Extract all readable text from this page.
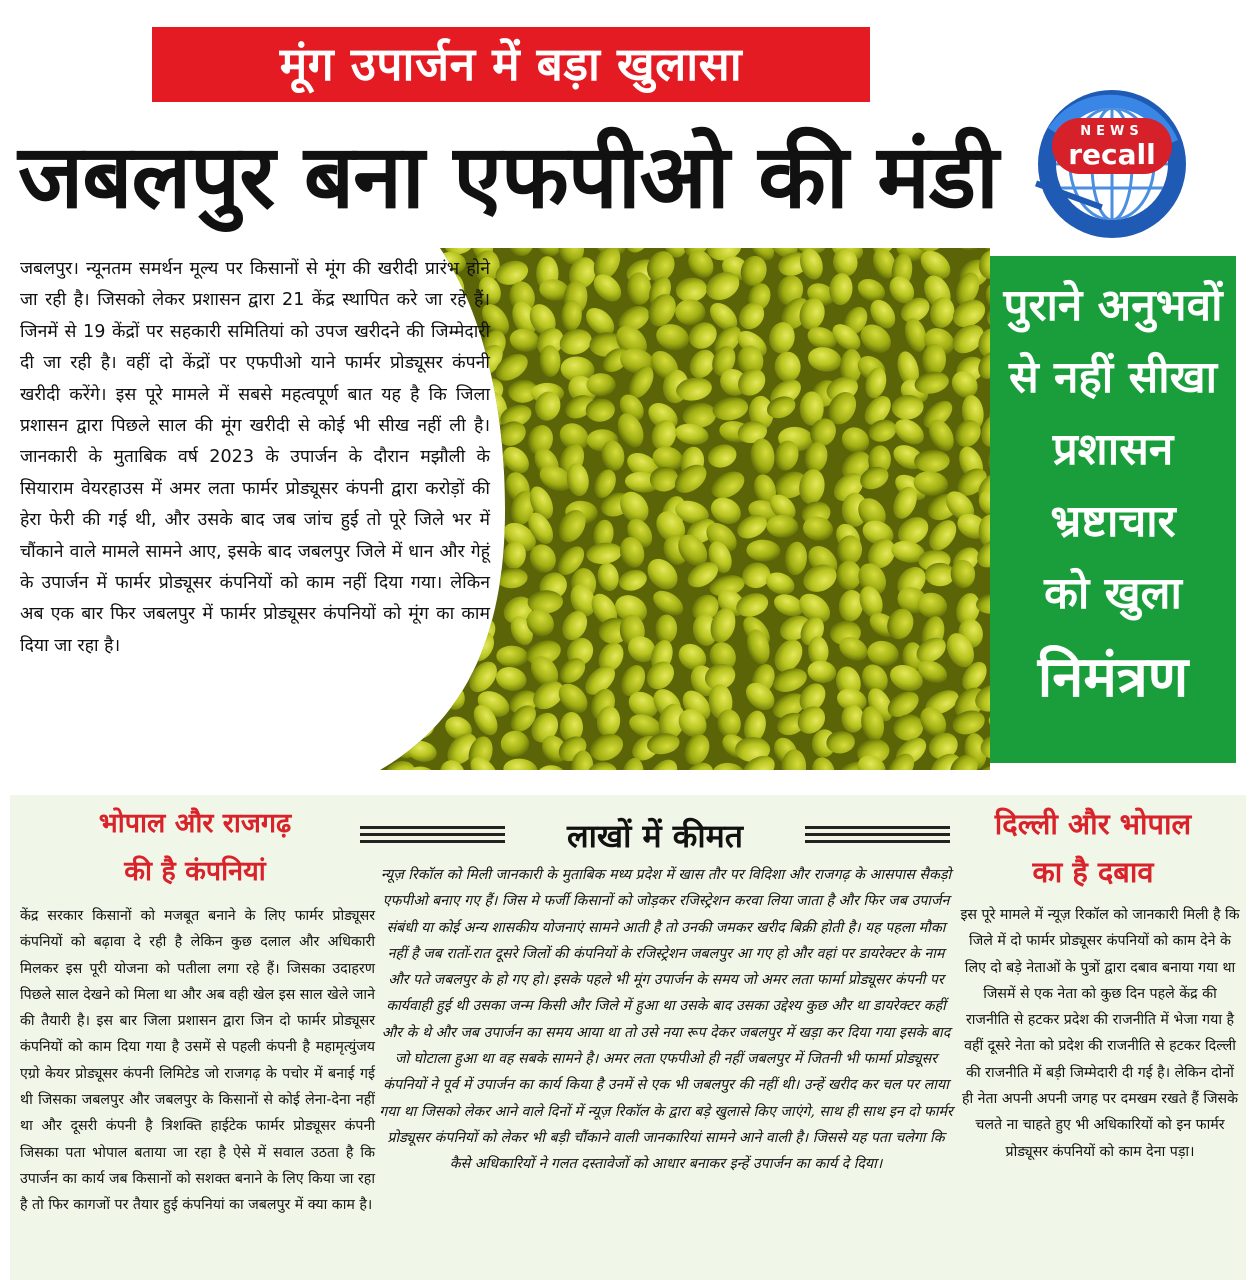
मूंग उपार्जन में बड़ा खुलासा
जबलपुर बना एफपीओ की मंडी	NEWS
recall
जबलपुर। न्यूनतम समर्थन मूल्य पर किसानों से मूंग की खरीदी प्रारंभ होने जा रही है। जिसको लेकर प्रशासन द्वारा 21 केंद्र स्थापित करे जा रहे हैं। जिनमें से 19 केंद्रों पर सहकारी समितियां को उपज खरीदने की जिम्मेदारी दी जा रही है। वहीं दो केंद्रों पर एफपीओ याने फार्मर प्रोड्यूसर कंपनी खरीदी करेंगे। इस पूरे मामले में सबसे महत्वपूर्ण बात यह है कि जिला प्रशासन द्वारा पिछले साल की मूंग खरीदी से कोई भी सीख नहीं ली है। जानकारी के मुताबिक वर्ष 2023 के उपार्जन के दौरान मझौली के सियाराम वेयरहाउस में अमर लता फार्मर प्रोड्यूसर कंपनी द्वारा करोड़ों की हेरा फेरी की गई थी, और उसके बाद जब जांच हुई तो पूरे जिले भर में चौंकाने वाले मामले सामने आए, इसके बाद जबलपुर जिले में धान और गेहूं के उपार्जन में फार्मर प्रोड्यूसर कंपनियों को काम नहीं दिया गया। लेकिन अब एक बार फिर जबलपुर में फार्मर प्रोड्यूसर कंपनियों को मूंग का काम दिया जा रहा है।
पुराने अनुभवों
से नहीं सीखा
प्रशासन
भ्रष्टाचार
को खुला
निमंत्रण
भोपाल और राजगढ़
की है कंपनियां
केंद्र सरकार किसानों को मजबूत बनाने के लिए फार्मर प्रोड्यूसर कंपनियों को बढ़ावा दे रही है लेकिन कुछ दलाल और अधिकारी मिलकर इस पूरी योजना को पतीला लगा रहे हैं। जिसका उदाहरण पिछले साल देखने को मिला था और अब वही खेल इस साल खेले जाने की तैयारी है। इस बार जिला प्रशासन द्वारा जिन दो फार्मर प्रोड्यूसर कंपनियों को काम दिया गया है उसमें से पहली कंपनी है महामृत्युंजय एग्रो केयर प्रोड्यूसर कंपनी लिमिटेड जो राजगढ़ के पचोर में बनाई गई थी जिसका जबलपुर और जबलपुर के किसानों से कोई लेना-देना नहीं था और दूसरी कंपनी है त्रिशक्ति हाईटेक फार्मर प्रोड्यूसर कंपनी जिसका पता भोपाल बताया जा रहा है ऐसे में सवाल उठता है कि उपार्जन का कार्य जब किसानों को सशक्त बनाने के लिए किया जा रहा है तो फिर कागजों पर तैयार हुई कंपनियां का जबलपुर में क्या काम है।
लाखों में कीमत
न्यूज़ रिकॉल को मिली जानकारी के मुताबिक मध्य प्रदेश में खास तौर पर विदिशा और राजगढ़ के आसपास सैकड़ो एफपीओ बनाए गए हैं। जिस मे फर्जी किसानों को जोड़कर रजिस्ट्रेशन करवा लिया जाता है और फिर जब उपार्जन संबंधी या कोई अन्य शासकीय योजनाएं सामने आती है तो उनकी जमकर खरीद बिक्री होती है। यह पहला मौका नहीं है जब रातों-रात दूसरे जिलों की कंपनियों के रजिस्ट्रेशन जबलपुर आ गए हो और वहां पर डायरेक्टर के नाम और पते जबलपुर के हो गए हो। इसके पहले भी मूंग उपार्जन के समय जो अमर लता फार्मा प्रोड्यूसर कंपनी पर कार्यवाही हुई थी उसका जन्म किसी और जिले में हुआ था उसके बाद उसका उद्देश्य कुछ और था डायरेक्टर कहीं और के थे और जब उपार्जन का समय आया था तो उसे नया रूप देकर जबलपुर में खड़ा कर दिया गया इसके बाद जो घोटाला हुआ था वह सबके सामने है। अमर लता एफपीओ ही नहीं जबलपुर में जितनी भी फार्मा प्रोड्यूसर कंपनियों ने पूर्व में उपार्जन का कार्य किया है उनमें से एक भी जबलपुर की नहीं थी। उन्हें खरीद कर चल पर लाया गया था जिसको लेकर आने वाले दिनों में न्यूज़ रिकॉल के द्वारा बड़े खुलासे किए जाएंगे, साथ ही साथ इन दो फार्मर प्रोड्यूसर कंपनियों को लेकर भी बड़ी चौंकाने वाली जानकारियां सामने आने वाली है। जिससे यह पता चलेगा कि कैसे अधिकारियों ने गलत दस्तावेजों को आधार बनाकर इन्हें उपार्जन का कार्य दे दिया।
दिल्ली और भोपाल
का है दबाव
इस पूरे मामले में न्यूज़ रिकॉल को जानकारी मिली है कि जिले में दो फार्मर प्रोड्यूसर कंपनियों को काम देने के लिए दो बड़े नेताओं के पुत्रों द्वारा दबाव बनाया गया था जिसमें से एक नेता को कुछ दिन पहले केंद्र की राजनीति से हटकर प्रदेश की राजनीति में भेजा गया है वहीं दूसरे नेता को प्रदेश की राजनीति से हटकर दिल्ली की राजनीति में बड़ी जिम्मेदारी दी गई है। लेकिन दोनों ही नेता अपनी अपनी जगह पर दमखम रखते हैं जिसके चलते ना चाहते हुए भी अधिकारियों को इन फार्मर प्रोड्यूसर कंपनियों को काम देना पड़ा।
